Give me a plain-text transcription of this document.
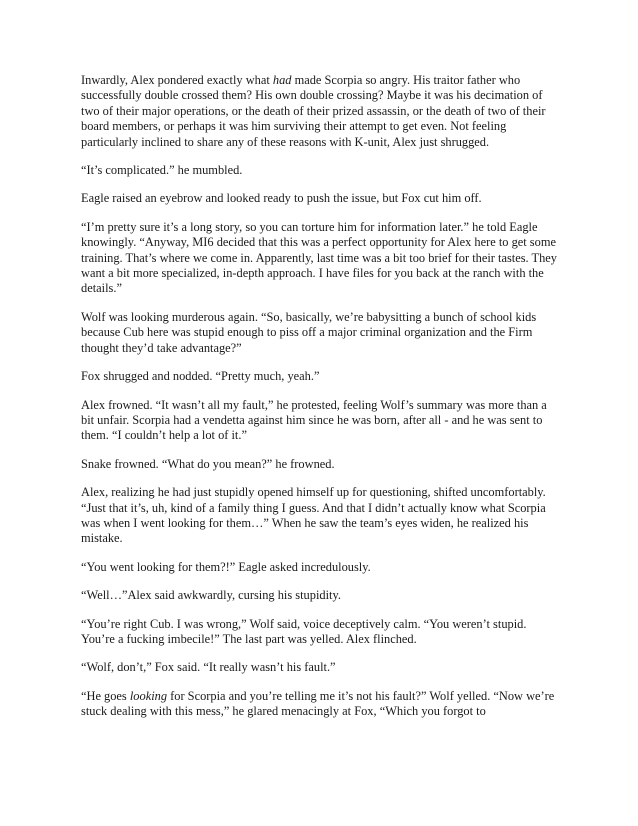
Inwardly, Alex pondered exactly what had made Scorpia so angry. His traitor father who successfully double crossed them? His own double crossing? Maybe it was his decimation of two of their major operations, or the death of their prized assassin, or the death of two of their board members, or perhaps it was him surviving their attempt to get even. Not feeling particularly inclined to share any of these reasons with K-unit, Alex just shrugged.

“It’s complicated.” he mumbled.

Eagle raised an eyebrow and looked ready to push the issue, but Fox cut him off.

“I’m pretty sure it’s a long story, so you can torture him for information later.” he told Eagle knowingly. “Anyway, MI6 decided that this was a perfect opportunity for Alex here to get some training. That’s where we come in. Apparently, last time was a bit too brief for their tastes. They want a bit more specialized, in-depth approach. I have files for you back at the ranch with the details.”

Wolf was looking murderous again. “So, basically, we’re babysitting a bunch of school kids because Cub here was stupid enough to piss off a major criminal organization and the Firm thought they’d take advantage?”

Fox shrugged and nodded. “Pretty much, yeah.”

Alex frowned. “It wasn’t all my fault,” he protested, feeling Wolf’s summary was more than a bit unfair. Scorpia had a vendetta against him since he was born, after all - and he was sent to them. “I couldn’t help a lot of it.”

Snake frowned. “What do you mean?” he frowned.

Alex, realizing he had just stupidly opened himself up for questioning, shifted uncomfortably. “Just that it’s, uh, kind of a family thing I guess. And that I didn’t actually know what Scorpia was when I went looking for them…” When he saw the team’s eyes widen, he realized his mistake.

“You went looking for them?!” Eagle asked incredulously.

“Well…”Alex said awkwardly, cursing his stupidity.

“You’re right Cub. I was wrong,” Wolf said, voice deceptively calm. “You weren’t stupid. You’re a fucking imbecile!” The last part was yelled. Alex flinched.

“Wolf, don’t,” Fox said. “It really wasn’t his fault.”

“He goes looking for Scorpia and you’re telling me it’s not his fault?” Wolf yelled. “Now we’re stuck dealing with this mess,” he glared menacingly at Fox, “Which you forgot to
